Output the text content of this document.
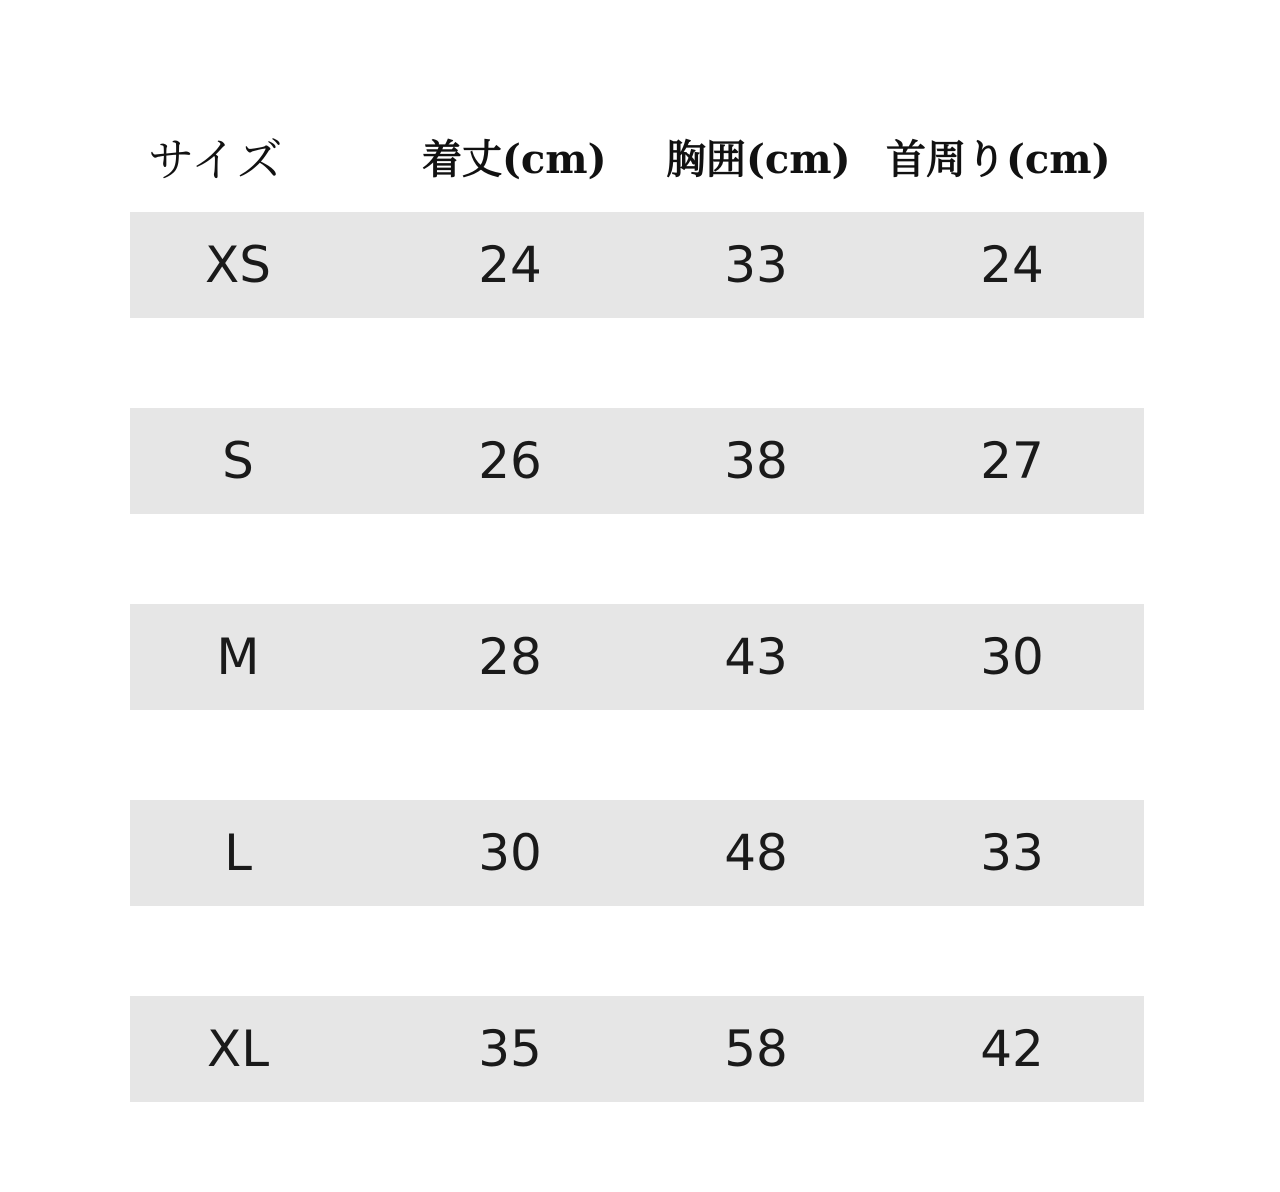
サイズ	着丈(cm) 胸囲(cm) 首周り(cm)
XS	24	33	24
S	26	38	27
M	28	43	30
L	30	48	33
XL	35	58	42
